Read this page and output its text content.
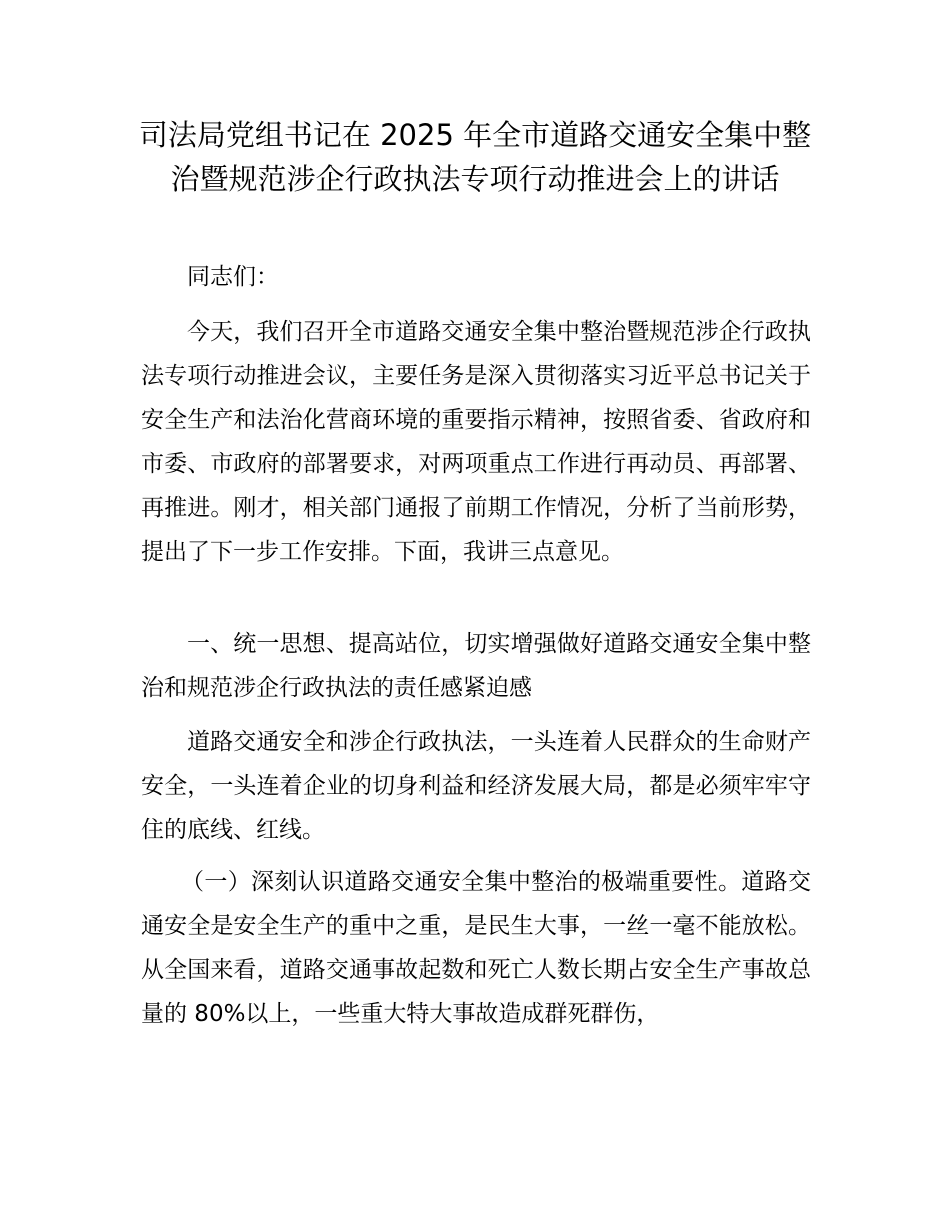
司法局党组书记在 2025 年全市道路交通安全集中整治暨规范涉企行政执法专项行动推进会上的讲话

同志们：

今天，我们召开全市道路交通安全集中整治暨规范涉企行政执法专项行动推进会议，主要任务是深入贯彻落实习近平总书记关于安全生产和法治化营商环境的重要指示精神，按照省委、省政府和市委、市政府的部署要求，对两项重点工作进行再动员、再部署、再推进。刚才，相关部门通报了前期工作情况，分析了当前形势，提出了下一步工作安排。下面，我讲三点意见。

一、统一思想、提高站位，切实增强做好道路交通安全集中整治和规范涉企行政执法的责任感紧迫感

道路交通安全和涉企行政执法，一头连着人民群众的生命财产安全，一头连着企业的切身利益和经济发展大局，都是必须牢牢守住的底线、红线。

（一）深刻认识道路交通安全集中整治的极端重要性。道路交通安全是安全生产的重中之重，是民生大事，一丝一毫不能放松。从全国来看，道路交通事故起数和死亡人数长期占安全生产事故总量的 80%以上，一些重大特大事故造成群死群伤，
